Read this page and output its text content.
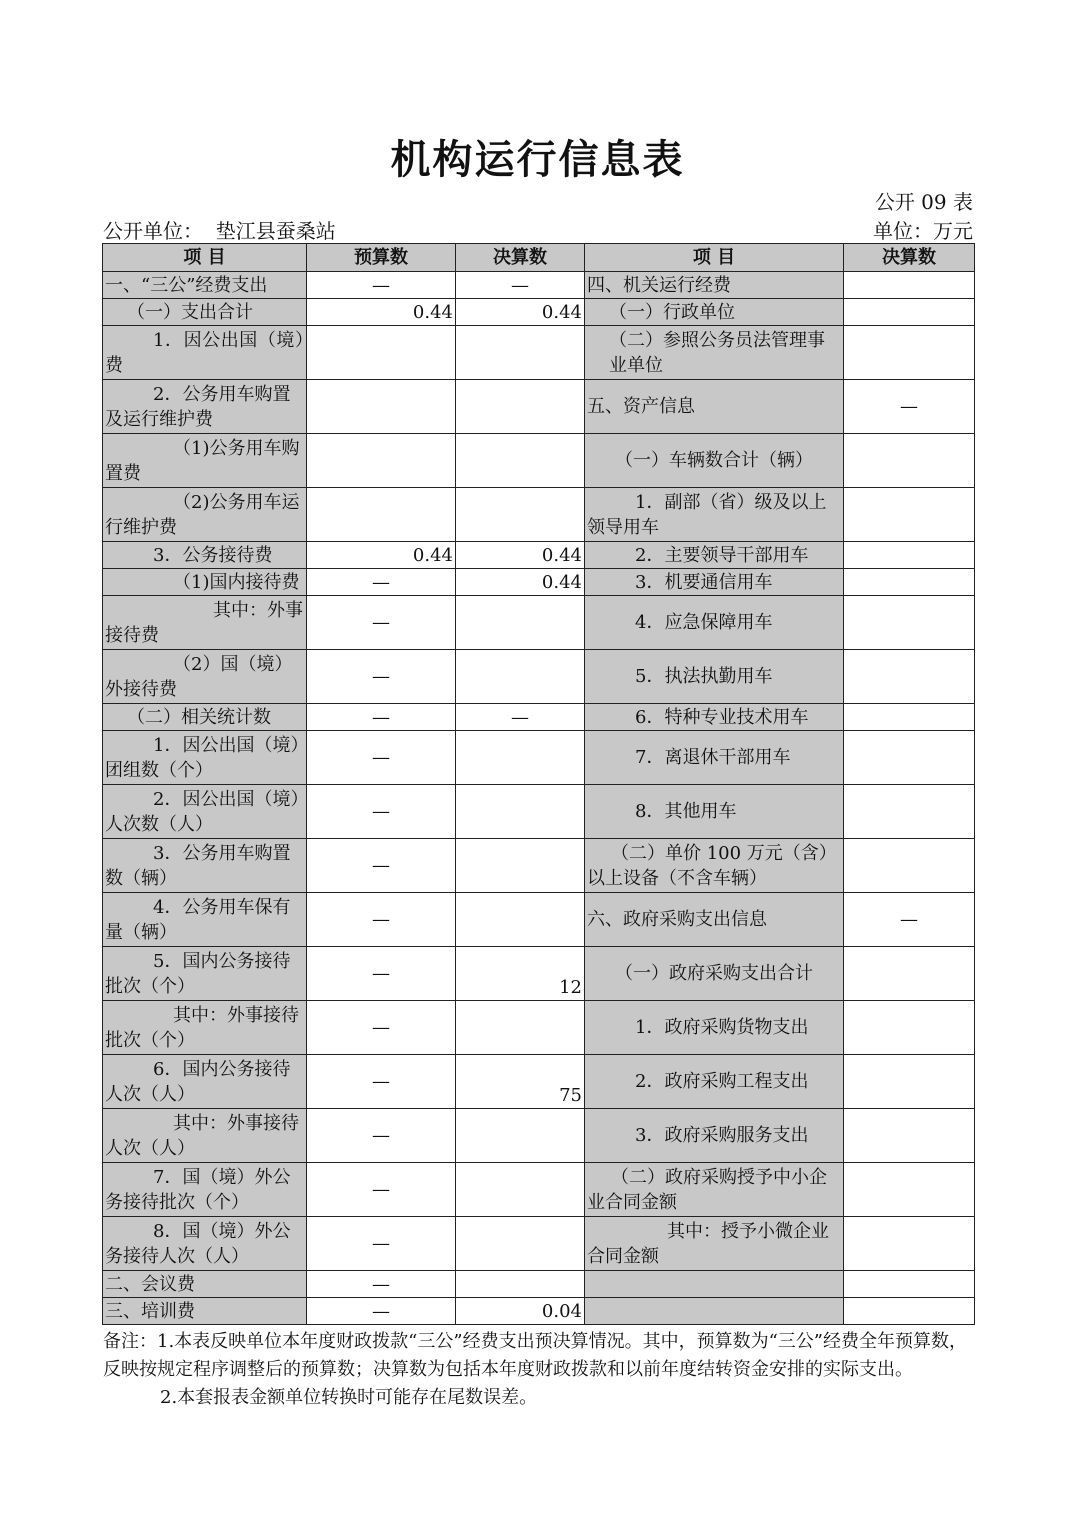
机构运行信息表
公开 09 表
公开单位： 垫江县蚕桑站	单位：万元
项 目	预算数	决算数	项 目	决算数
一、“三公”经费支出	—	—	四、机关运行经费	
（一）支出合计	0.44	0.44	（一）行政单位	
1．因公出国（境）费			（二）参照公务员法管理事业单位	
2．公务用车购置及运行维护费			五、资产信息	—
（1)公务用车购置费			（一）车辆数合计（辆）	
（2)公务用车运行维护费			1．副部（省）级及以上领导用车	
3．公务接待费	0.44	0.44	2．主要领导干部用车	
（1)国内接待费	—	0.44	3．机要通信用车	
其中：外事接待费	—		4．应急保障用车	
（2）国（境）外接待费	—		5．执法执勤用车	
（二）相关统计数	—	—	6．特种专业技术用车	
1．因公出国（境）团组数（个）	—		7．离退休干部用车	
2．因公出国（境）人次数（人）	—		8．其他用车	
3．公务用车购置数（辆）	—		（二）单价 100 万元（含）以上设备（不含车辆）	
4．公务用车保有量（辆）	—		六、政府采购支出信息	—
5．国内公务接待批次（个）	—	12	（一）政府采购支出合计	
其中：外事接待批次（个）	—		1．政府采购货物支出	
6．国内公务接待人次（人）	—	75	2．政府采购工程支出	
其中：外事接待人次（人）	—		3．政府采购服务支出	
7．国（境）外公务接待批次（个）	—		（二）政府采购授予中小企业合同金额	
8．国（境）外公务接待人次（人）	—		其中：授予小微企业合同金额	
二、会议费	—			
三、培训费	—	0.04		
备注：1.本表反映单位本年度财政拨款“三公”经费支出预决算情况。其中，预算数为“三公”经费全年预算数，反映按规定程序调整后的预算数；决算数为包括本年度财政拨款和以前年度结转资金安排的实际支出。
2.本套报表金额单位转换时可能存在尾数误差。
